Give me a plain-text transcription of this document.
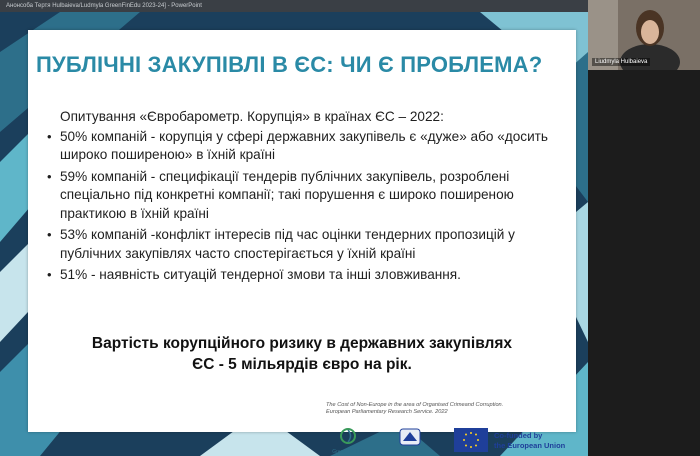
Анонсоба Тертя Hulbaieva/Ludmyla GreenFinEdu 2023-24] - PowerPoint
ПУБЛІЧНІ ЗАКУПІВЛІ В ЄС: ЧИ Є ПРОБЛЕМА?
Опитування «Євробарометр. Корупція» в країнах ЄС – 2022:
• 50% компаній - корупція у сфері державних закупівель є «дуже» або «досить широко поширеною» в їхній країні
• 59% компаній - специфікації тендерів публічних закупівель, розроблені спеціально під конкретні компанії; такі порушення є широко поширеною практикою в їхній країні
• 53% компаній -конфлікт інтересів під час оцінки тендерних пропозицій у публічних закупівлях часто спостерігається у їхній країні
• 51% - наявність ситуацій тендерної змови та інші зловживання.
Вартість корупційного ризику в державних закупівлях
ЄС - 5 мільярдів євро на рік.
The Cost of Non-Europe in the area of Organised Crimeand Corruption.
European Parliamentary Research Service. 2022
GreenFinEDU
Co-funded by
the European Union
Liudmyla Hulbaieva
